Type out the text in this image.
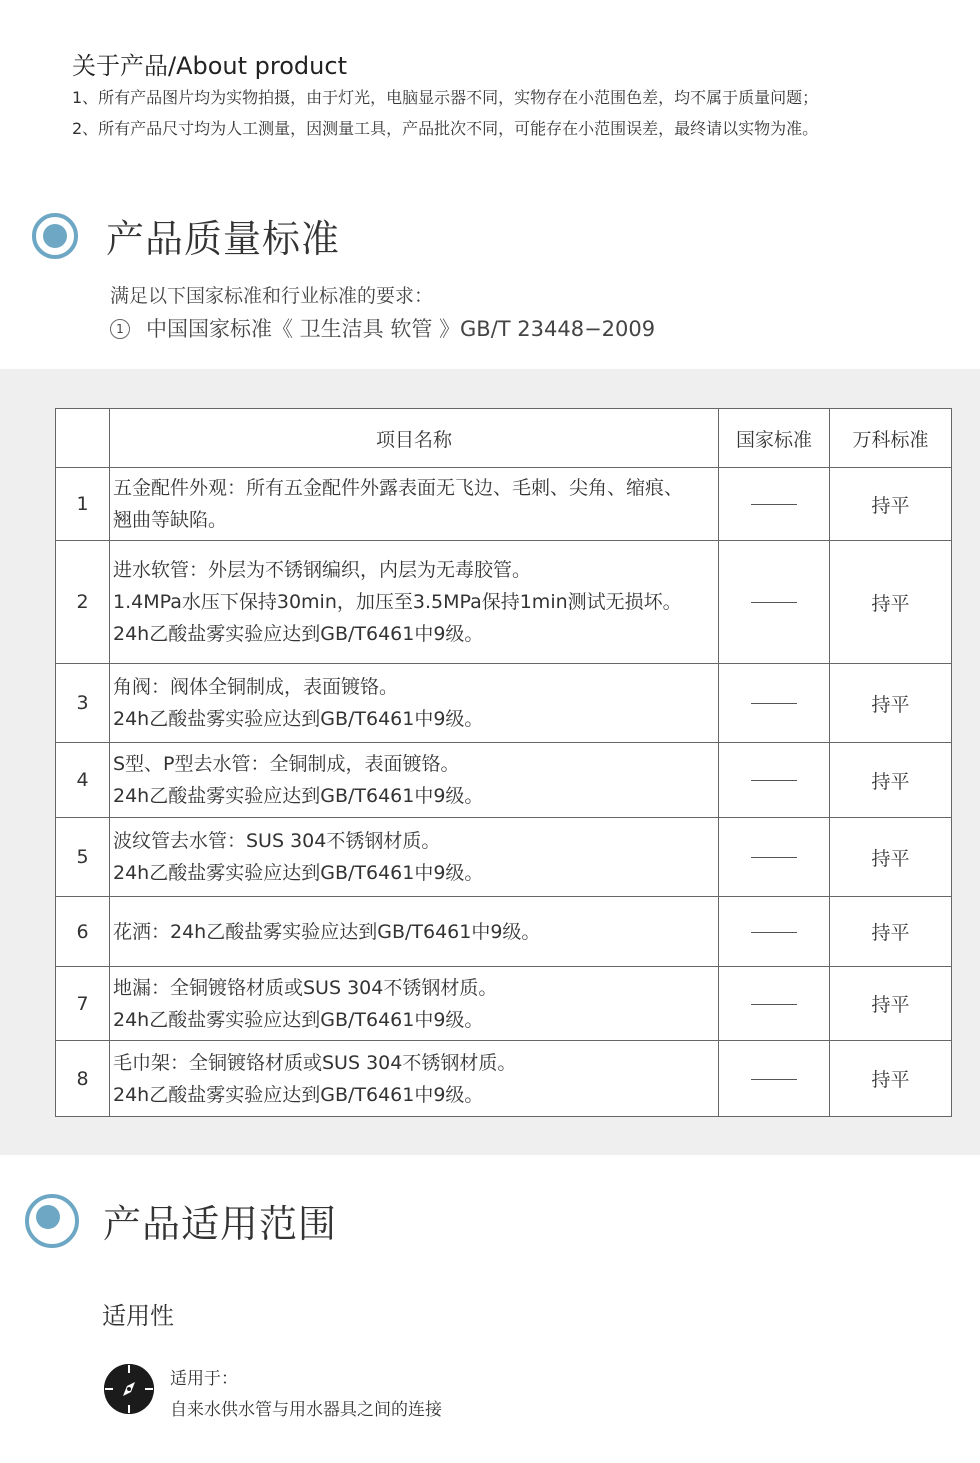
关于产品/About product
1、所有产品图片均为实物拍摄，由于灯光，电脑显示器不同，实物存在小范围色差，均不属于质量问题；
2、所有产品尺寸均为人工测量，因测量工具，产品批次不同，可能存在小范围误差，最终请以实物为准。
产品质量标准
满足以下国家标准和行业标准的要求：
1 中国国家标准《 卫生洁具 软管 》GB/T 23448−2009
	项目名称	国家标准	万科标准
1	五金配件外观：所有五金配件外露表面无飞边、毛刺、尖角、缩痕、
翘曲等缺陷。		持平
2	进水软管：外层为不锈钢编织，内层为无毒胶管。
1.4MPa水压下保持30min，加压至3.5MPa保持1min测试无损坏。
24h乙酸盐雾实验应达到GB/T6461中9级。		持平
3	角阀：阀体全铜制成，表面镀铬。
24h乙酸盐雾实验应达到GB/T6461中9级。		持平
4	S型、P型去水管：全铜制成，表面镀铬。
24h乙酸盐雾实验应达到GB/T6461中9级。		持平
5	波纹管去水管：SUS 304不锈钢材质。
24h乙酸盐雾实验应达到GB/T6461中9级。		持平
6	花洒：24h乙酸盐雾实验应达到GB/T6461中9级。		持平
7	地漏：全铜镀铬材质或SUS 304不锈钢材质。
24h乙酸盐雾实验应达到GB/T6461中9级。		持平
8	毛巾架：全铜镀铬材质或SUS 304不锈钢材质。
24h乙酸盐雾实验应达到GB/T6461中9级。		持平
产品适用范围
适用性
适用于：
自来水供水管与用水器具之间的连接
